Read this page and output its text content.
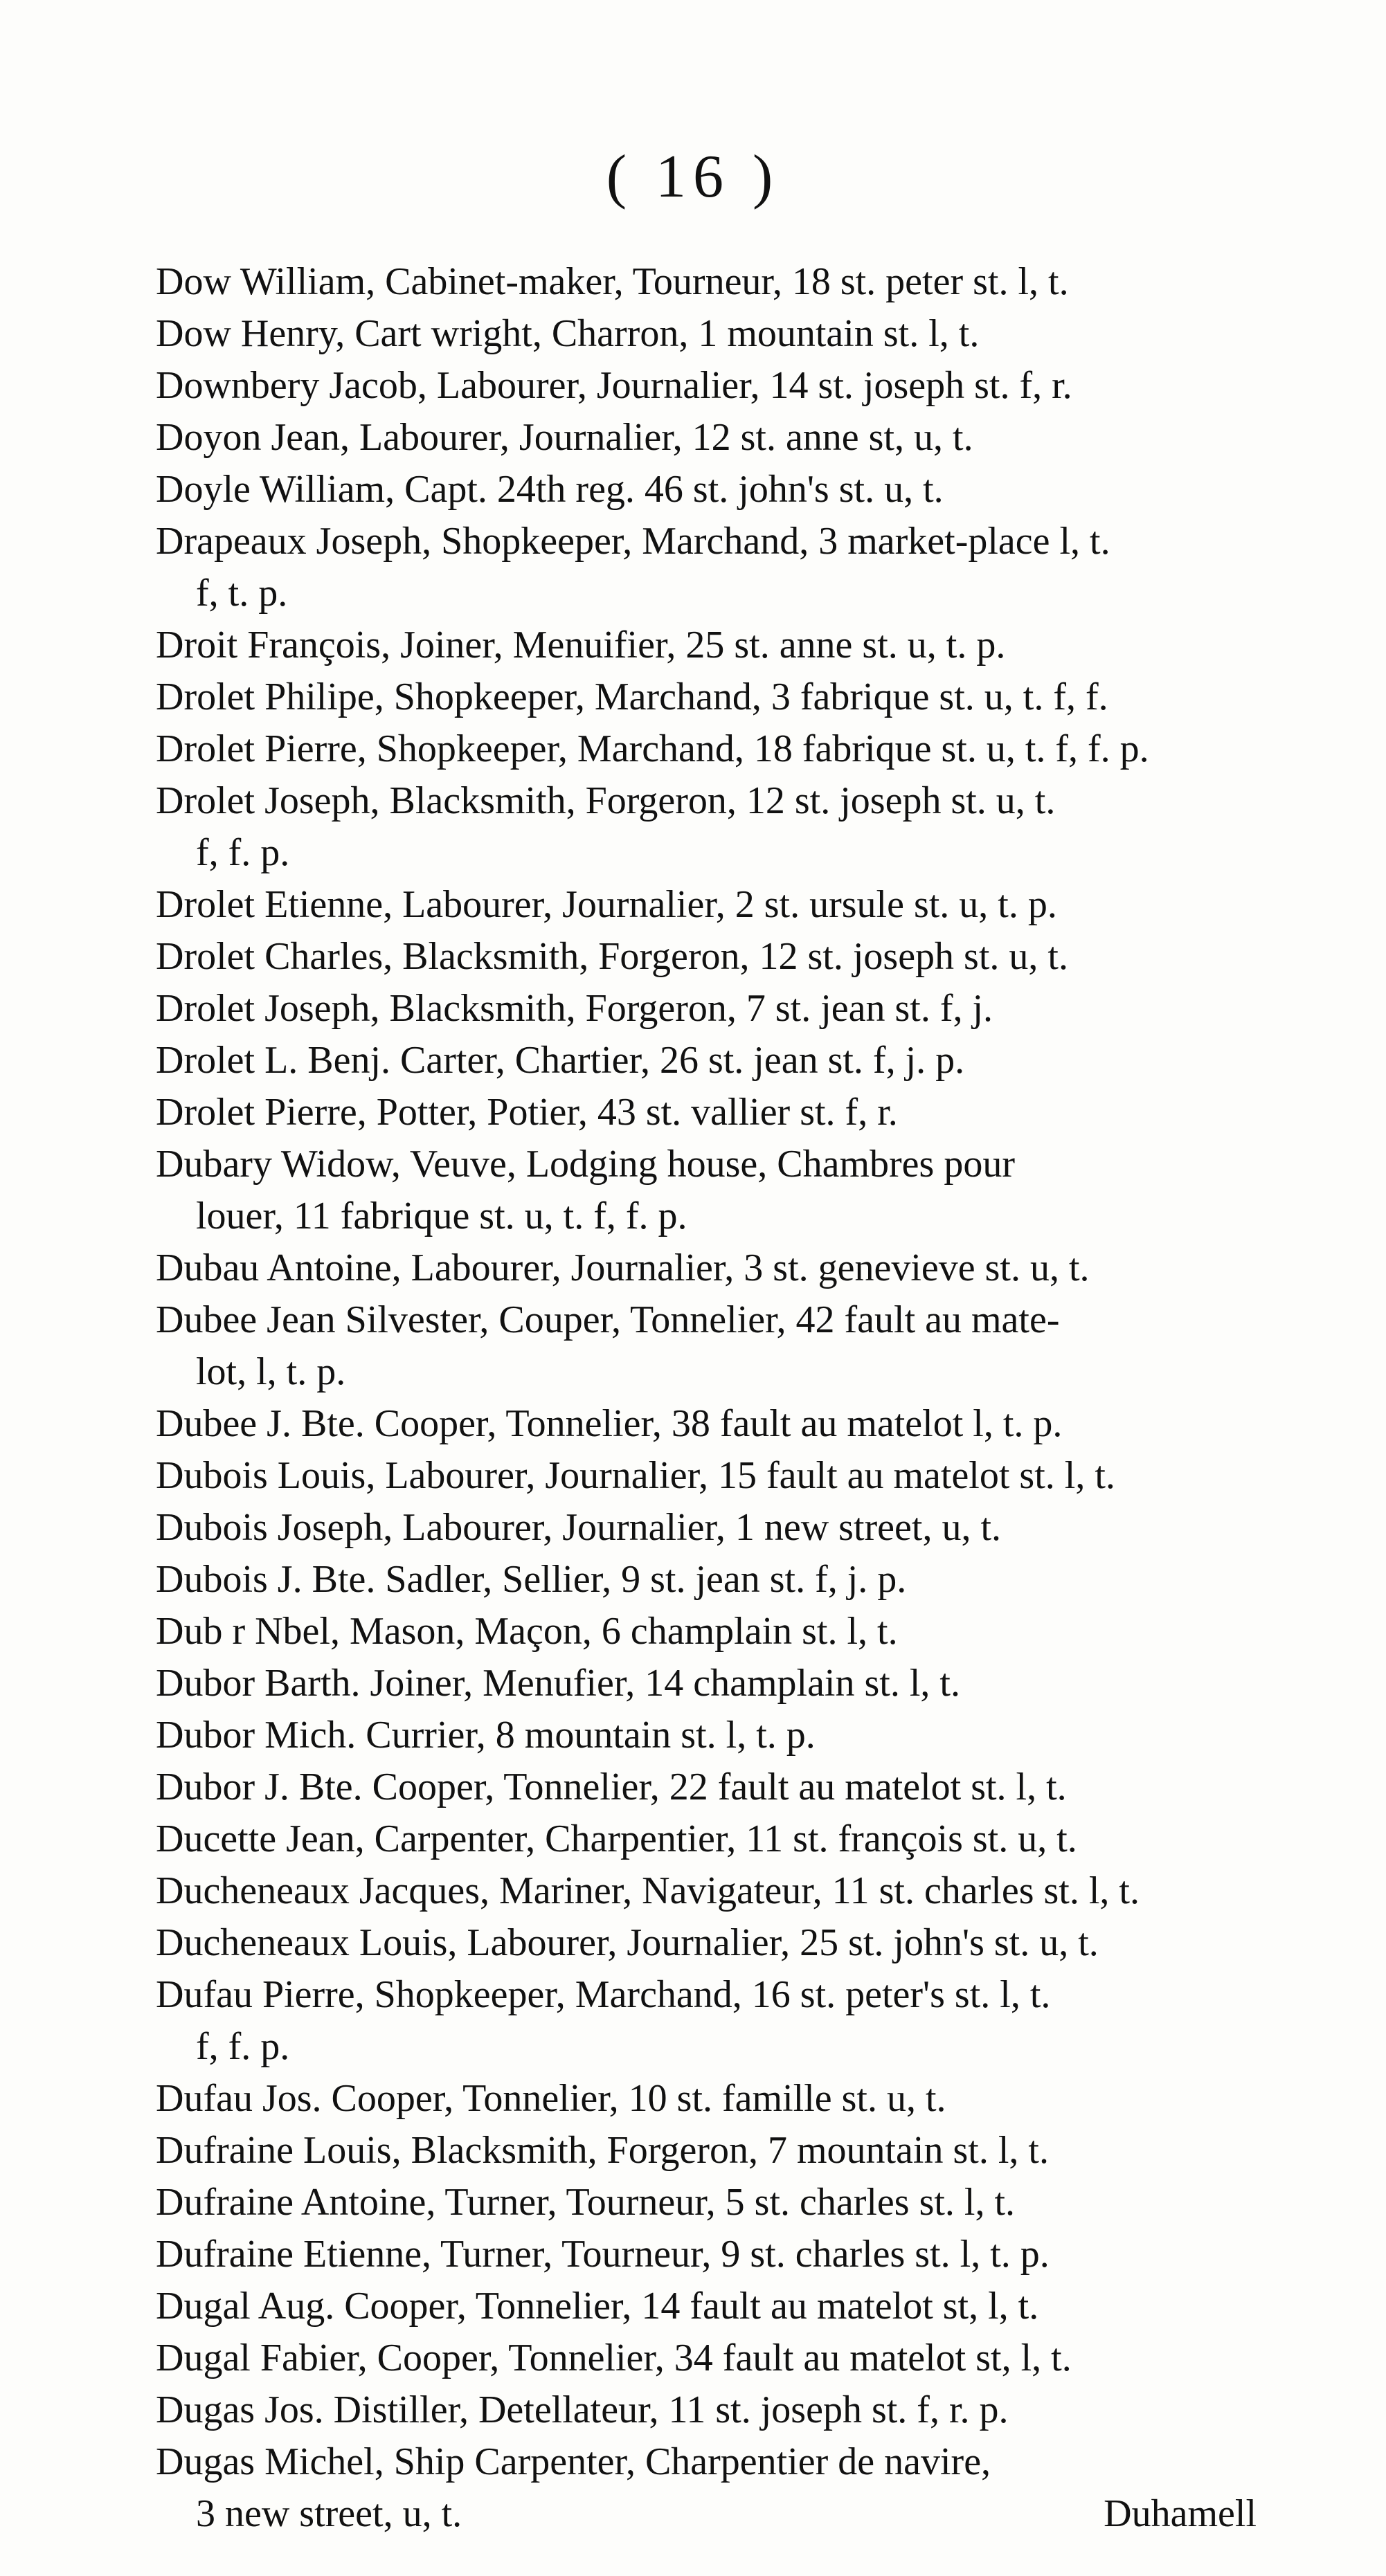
( 16 )
Dow William, Cabinet-maker, Tourneur, 18 st. peter st. l, t.
Dow Henry, Cart wright, Charron, 1 mountain st. l, t.
Downbery Jacob, Labourer, Journalier, 14 st. joseph st. f, r.
Doyon Jean, Labourer, Journalier, 12 st. anne st, u, t.
Doyle William, Capt. 24th reg. 46 st. john's st. u, t.
Drapeaux Joseph, Shopkeeper, Marchand, 3 market-place l, t.
f, t. p.
Droit François, Joiner, Menuifier, 25 st. anne st. u, t. p.
Drolet Philipe, Shopkeeper, Marchand, 3 fabrique st. u, t. f, f.
Drolet Pierre, Shopkeeper, Marchand, 18 fabrique st. u, t. f, f. p.
Drolet Joseph, Blacksmith, Forgeron, 12 st. joseph st. u, t.
f, f. p.
Drolet Etienne, Labourer, Journalier, 2 st. ursule st. u, t. p.
Drolet Charles, Blacksmith, Forgeron, 12 st. joseph st. u, t.
Drolet Joseph, Blacksmith, Forgeron, 7 st. jean st. f, j.
Drolet L. Benj. Carter, Chartier, 26 st. jean st. f, j. p.
Drolet Pierre, Potter, Potier, 43 st. vallier st. f, r.
Dubary Widow, Veuve, Lodging house, Chambres pour
louer, 11 fabrique st. u, t. f, f. p.
Dubau Antoine, Labourer, Journalier, 3 st. genevieve st. u, t.
Dubee Jean Silvester, Couper, Tonnelier, 42 fault au mate-
lot, l, t. p.
Dubee J. Bte. Cooper, Tonnelier, 38 fault au matelot l, t. p.
Dubois Louis, Labourer, Journalier, 15 fault au matelot st. l, t.
Dubois Joseph, Labourer, Journalier, 1 new street, u, t.
Dubois J. Bte. Sadler, Sellier, 9 st. jean st. f, j. p.
Dub r Nbel, Mason, Maçon, 6 champlain st. l, t.
Dubor Barth. Joiner, Menufier, 14 champlain st. l, t.
Dubor Mich. Currier, 8 mountain st. l, t. p.
Dubor J. Bte. Cooper, Tonnelier, 22 fault au matelot st. l, t.
Ducette Jean, Carpenter, Charpentier, 11 st. françois st. u, t.
Ducheneaux Jacques, Mariner, Navigateur, 11 st. charles st. l, t.
Ducheneaux Louis, Labourer, Journalier, 25 st. john's st. u, t.
Dufau Pierre, Shopkeeper, Marchand, 16 st. peter's st. l, t.
f, f. p.
Dufau Jos. Cooper, Tonnelier, 10 st. famille st. u, t.
Dufraine Louis, Blacksmith, Forgeron, 7 mountain st. l, t.
Dufraine Antoine, Turner, Tourneur, 5 st. charles st. l, t.
Dufraine Etienne, Turner, Tourneur, 9 st. charles st. l, t. p.
Dugal Aug. Cooper, Tonnelier, 14 fault au matelot st, l, t.
Dugal Fabier, Cooper, Tonnelier, 34 fault au matelot st, l, t.
Dugas Jos. Distiller, Detellateur, 11 st. joseph st. f, r. p.
Dugas Michel, Ship Carpenter, Charpentier de navire,
3 new street, u, t.	Duhamell
